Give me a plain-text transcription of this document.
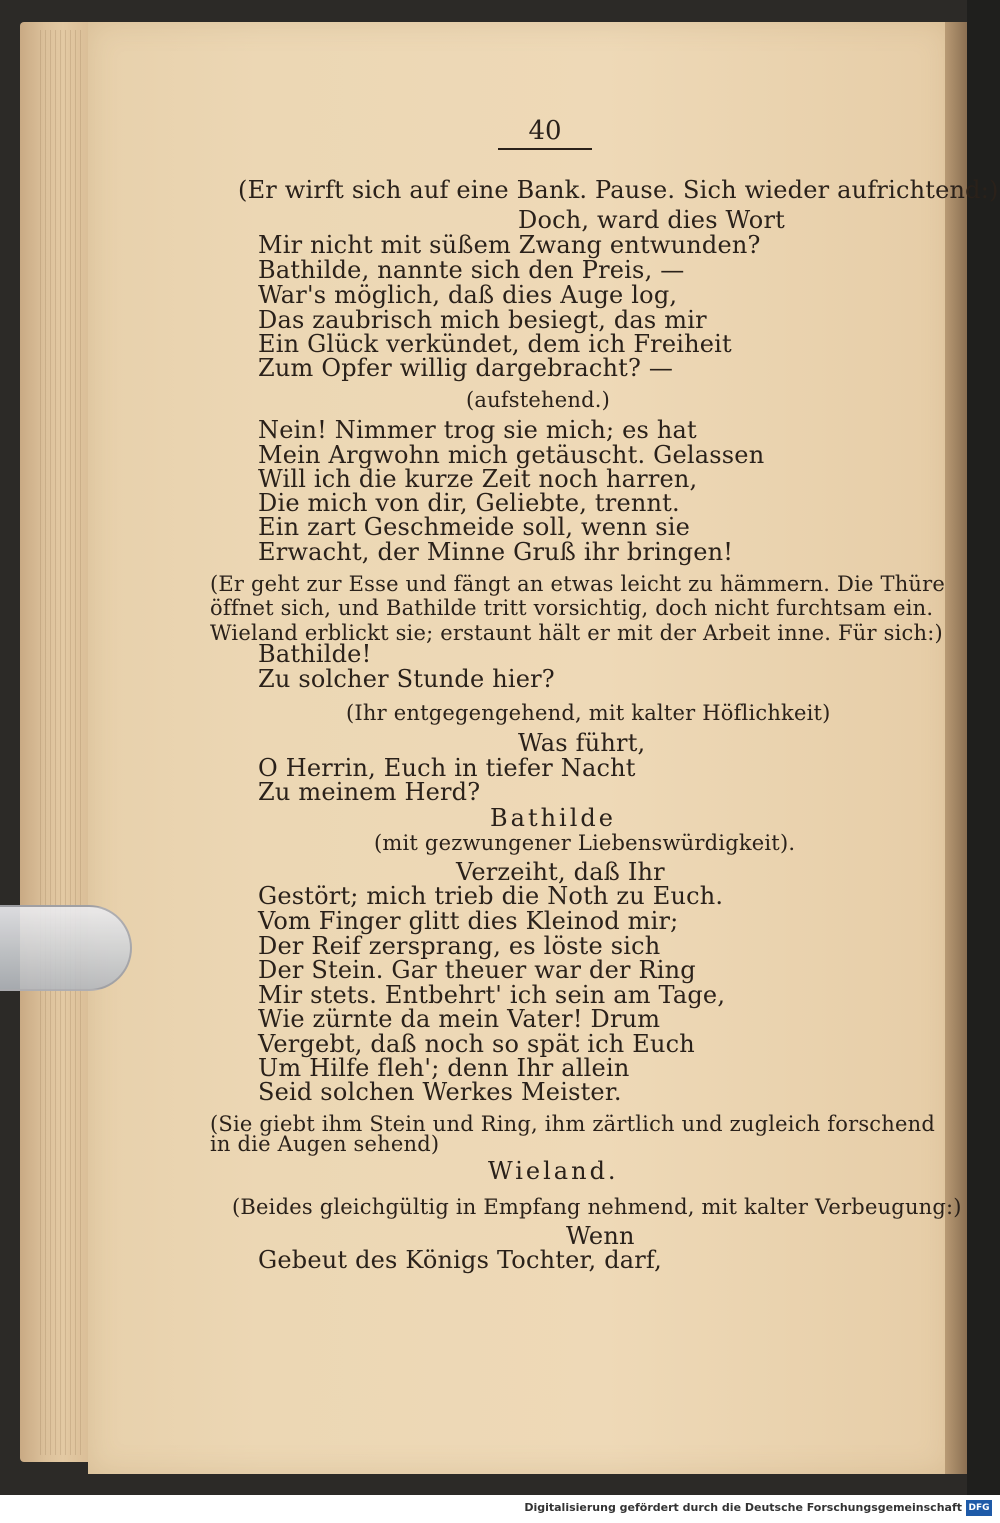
40
(Er wirft sich auf eine Bank. Pause. Sich wieder aufrichtend:)
Doch, ward dies Wort
Mir nicht mit süßem Zwang entwunden?
Bathilde, nannte sich den Preis, —
War's möglich, daß dies Auge log,
Das zaubrisch mich besiegt, das mir
Ein Glück verkündet, dem ich Freiheit
Zum Opfer willig dargebracht? —
(aufstehend.)
Nein! Nimmer trog sie mich; es hat
Mein Argwohn mich getäuscht. Gelassen
Will ich die kurze Zeit noch harren,
Die mich von dir, Geliebte, trennt.
Ein zart Geschmeide soll, wenn sie
Erwacht, der Minne Gruß ihr bringen!
(Er geht zur Esse und fängt an etwas leicht zu hämmern. Die Thüre
öffnet sich, und Bathilde tritt vorsichtig, doch nicht furchtsam ein.
Wieland erblickt sie; erstaunt hält er mit der Arbeit inne. Für sich:)
Bathilde!
Zu solcher Stunde hier?
(Ihr entgegengehend, mit kalter Höflichkeit)
Was führt,
O Herrin, Euch in tiefer Nacht
Zu meinem Herd?
Bathilde
(mit gezwungener Liebenswürdigkeit).
Verzeiht, daß Ihr
Gestört; mich trieb die Noth zu Euch.
Vom Finger glitt dies Kleinod mir;
Der Reif zersprang, es löste sich
Der Stein. Gar theuer war der Ring
Mir stets. Entbehrt' ich sein am Tage,
Wie zürnte da mein Vater! Drum
Vergebt, daß noch so spät ich Euch
Um Hilfe fleh'; denn Ihr allein
Seid solchen Werkes Meister.
(Sie giebt ihm Stein und Ring, ihm zärtlich und zugleich forschend
in die Augen sehend)
Wieland.
(Beides gleichgültig in Empfang nehmend, mit kalter Verbeugung:)
Wenn
Gebeut des Königs Tochter, darf,
Digitalisierung gefördert durch die Deutsche Forschungsgemeinschaft DFG
